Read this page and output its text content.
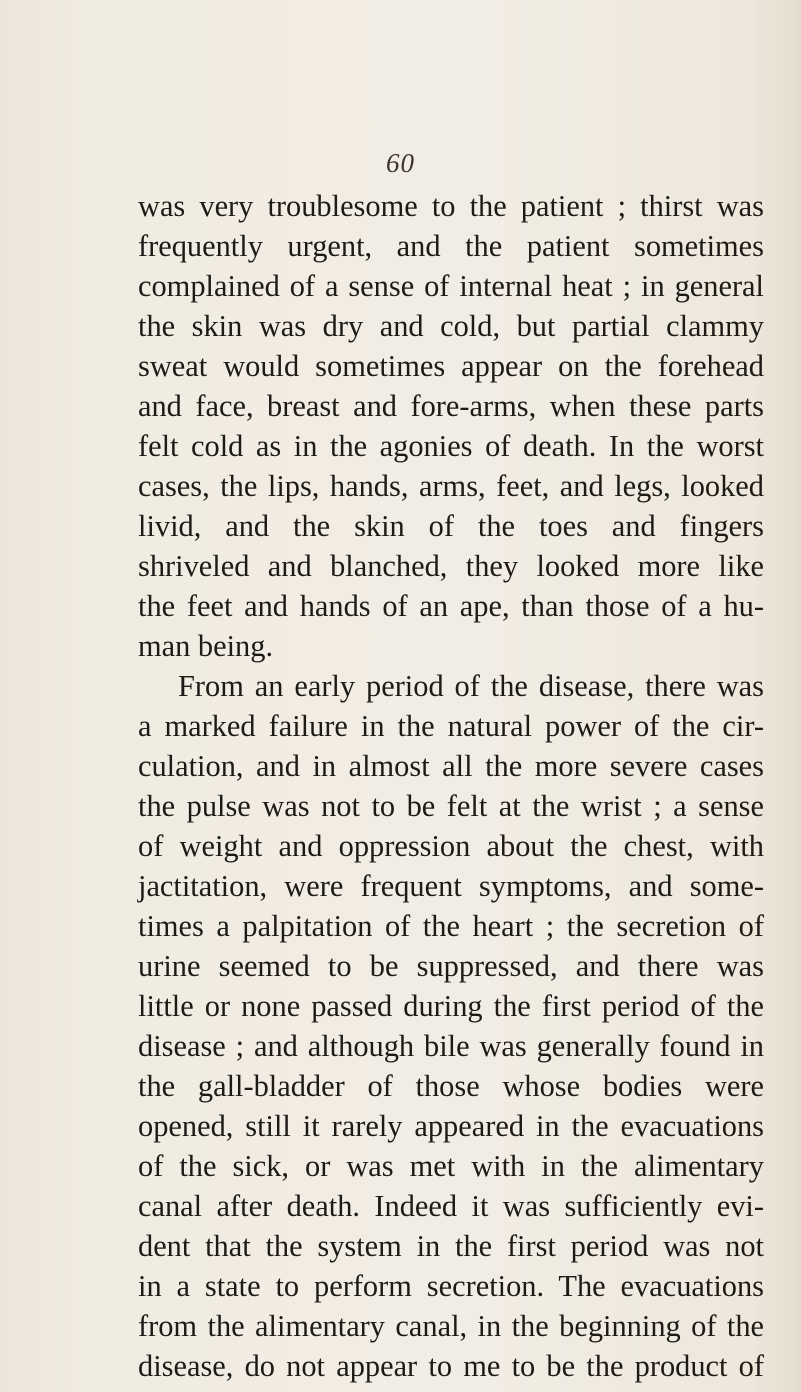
60
was very troublesome to the patient ; thirst was
frequently urgent, and the patient sometimes
complained of a sense of internal heat ; in general
the skin was dry and cold, but partial clammy
sweat would sometimes appear on the forehead
and face, breast and fore-arms, when these parts
felt cold as in the agonies of death. In the worst
cases, the lips, hands, arms, feet, and legs, looked
livid, and the skin of the toes and fingers
shriveled and blanched, they looked more like
the feet and hands of an ape, than those of a hu-
man being.
From an early period of the disease, there was
a marked failure in the natural power of the cir-
culation, and in almost all the more severe cases
the pulse was not to be felt at the wrist ; a sense
of weight and oppression about the chest, with
jactitation, were frequent symptoms, and some-
times a palpitation of the heart ; the secretion of
urine seemed to be suppressed, and there was
little or none passed during the first period of the
disease ; and although bile was generally found in
the gall-bladder of those whose bodies were
opened, still it rarely appeared in the evacuations
of the sick, or was met with in the alimentary
canal after death. Indeed it was sufficiently evi-
dent that the system in the first period was not
in a state to perform secretion. The evacuations
from the alimentary canal, in the beginning of the
disease, do not appear to me to be the product of
